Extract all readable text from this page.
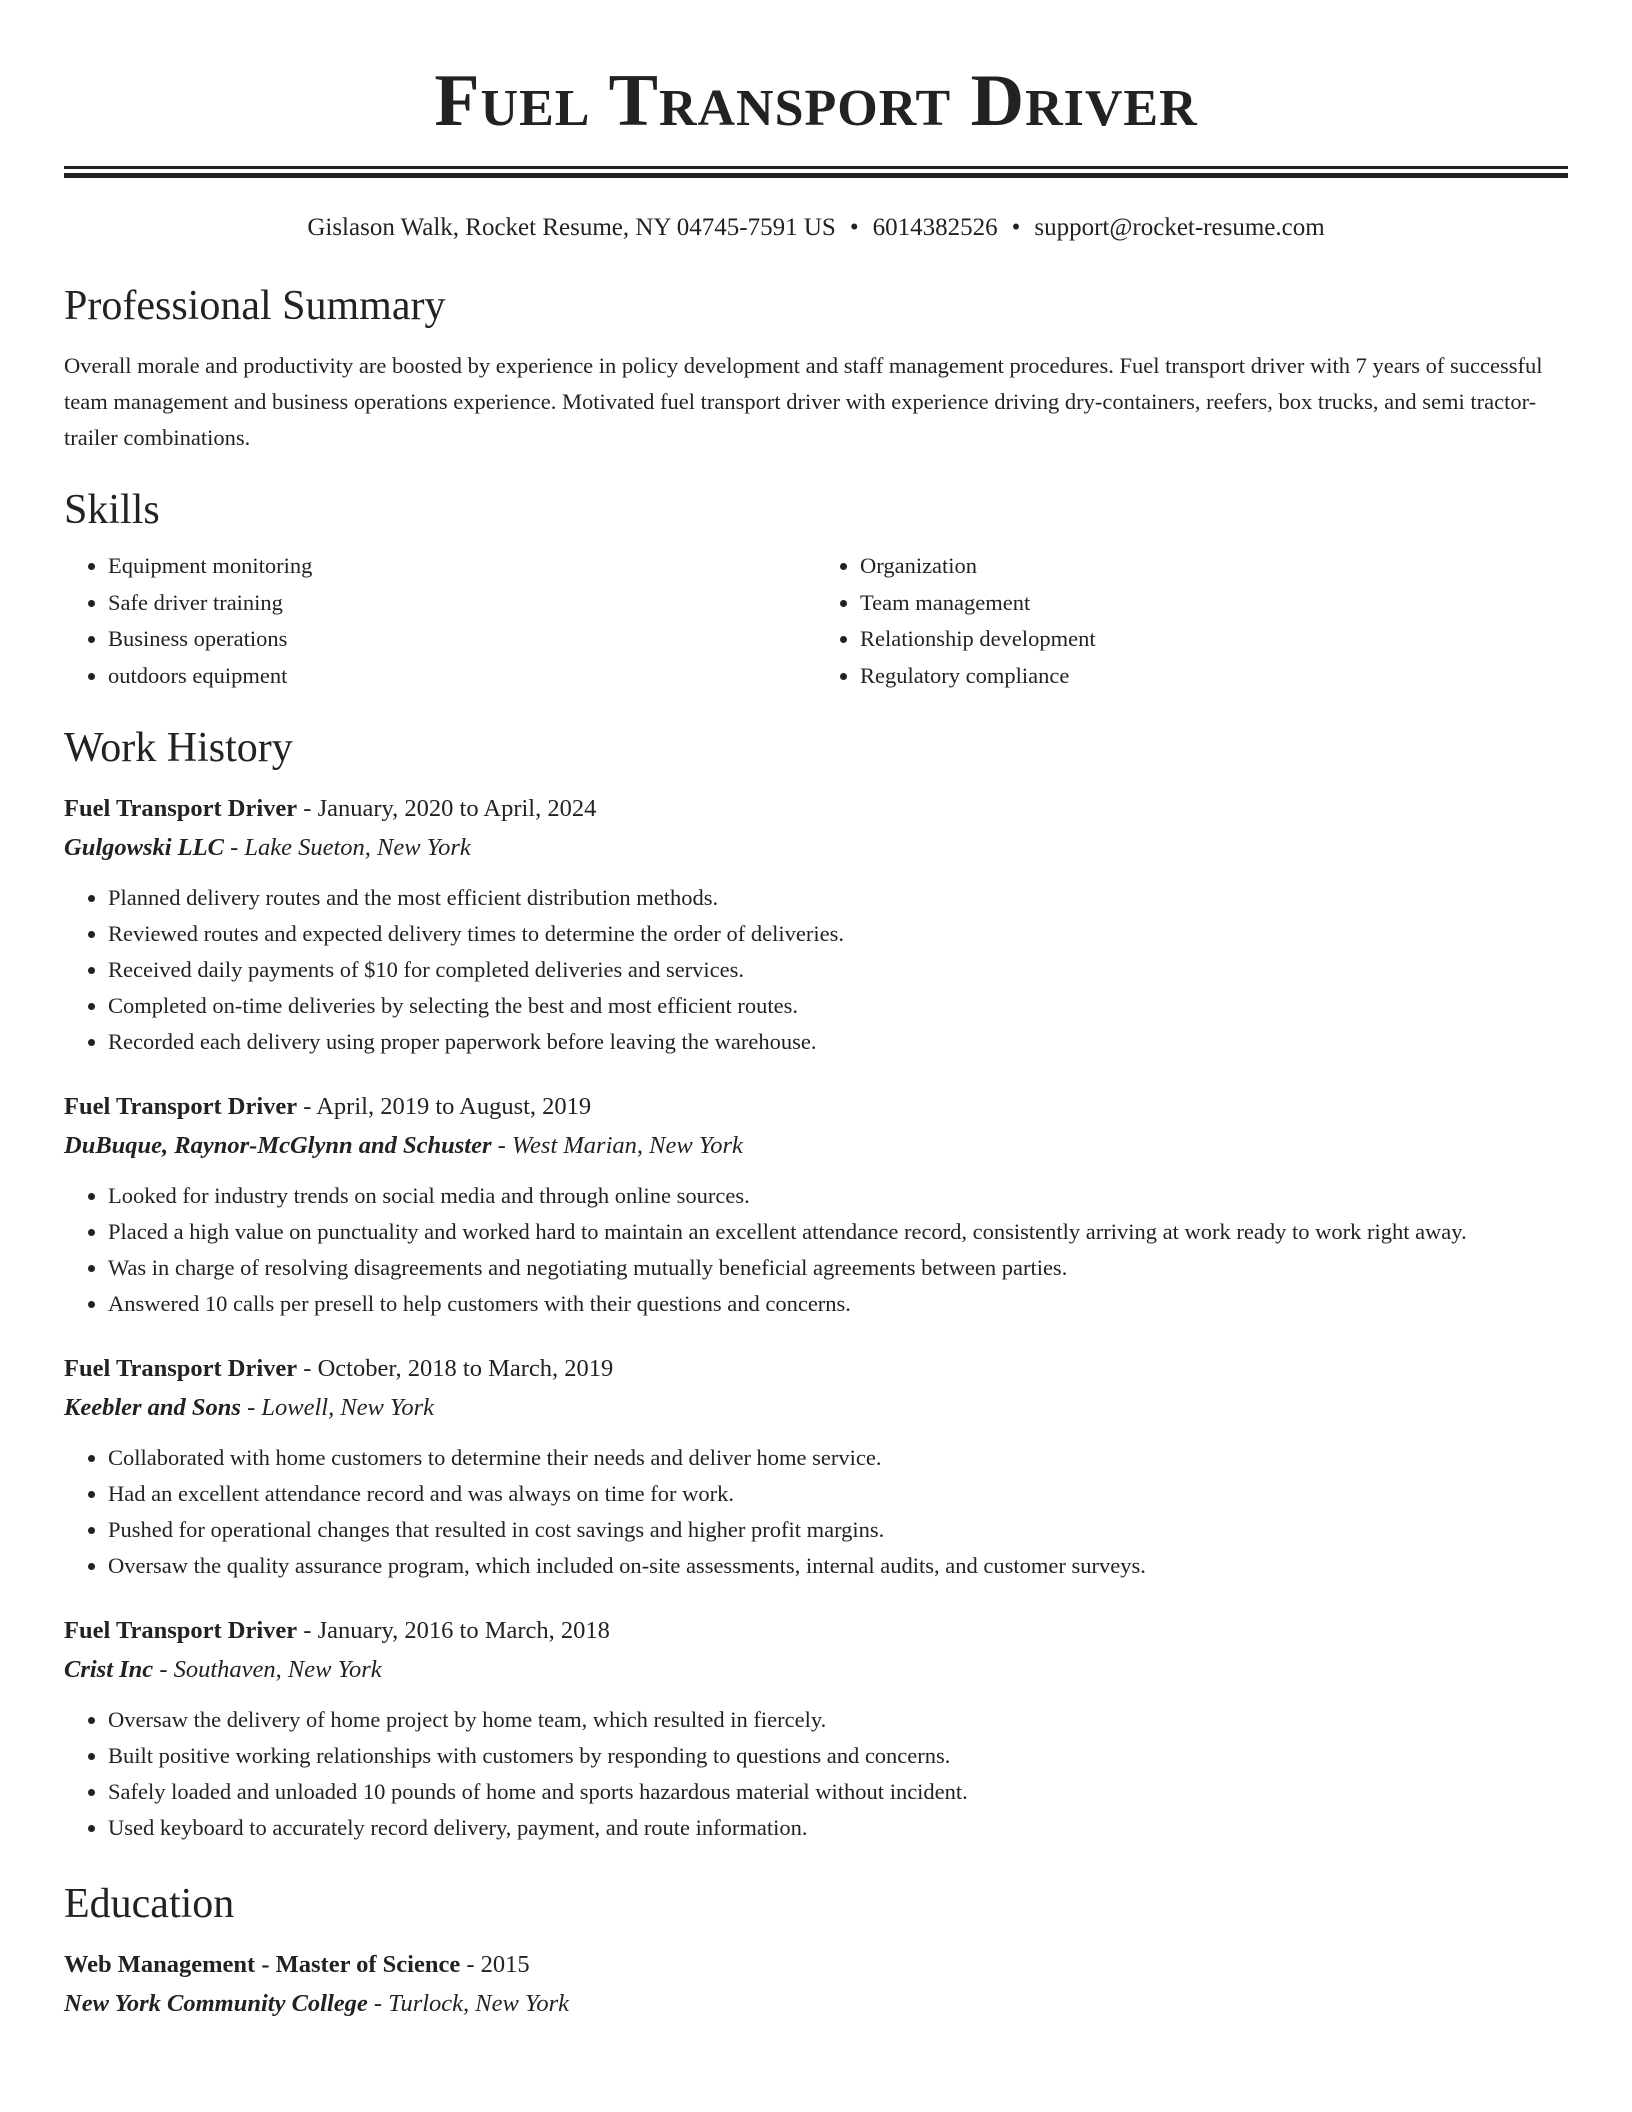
Fuel Transport Driver
Gislason Walk, Rocket Resume, NY 04745-7591 US • 6014382526 • support@rocket-resume.com
Professional Summary

Overall morale and productivity are boosted by experience in policy development and staff management procedures. Fuel transport driver with 7 years of successful team management and business operations experience. Motivated fuel transport driver with experience driving dry-containers, reefers, box trucks, and semi tractor-trailer combinations.

Skills
• Equipment monitoring
• Safe driver training
• Business operations
• outdoors equipment
• Organization
• Team management
• Relationship development
• Regulatory compliance
Work History
Fuel Transport Driver - January, 2020 to April, 2024
Gulgowski LLC - Lake Sueton, New York
• Planned delivery routes and the most efficient distribution methods.
• Reviewed routes and expected delivery times to determine the order of deliveries.
• Received daily payments of $10 for completed deliveries and services.
• Completed on-time deliveries by selecting the best and most efficient routes.
• Recorded each delivery using proper paperwork before leaving the warehouse.
Fuel Transport Driver - April, 2019 to August, 2019
DuBuque, Raynor-McGlynn and Schuster - West Marian, New York
• Looked for industry trends on social media and through online sources.
• Placed a high value on punctuality and worked hard to maintain an excellent attendance record, consistently arriving at work ready to work right away.
• Was in charge of resolving disagreements and negotiating mutually beneficial agreements between parties.
• Answered 10 calls per presell to help customers with their questions and concerns.
Fuel Transport Driver - October, 2018 to March, 2019
Keebler and Sons - Lowell, New York
• Collaborated with home customers to determine their needs and deliver home service.
• Had an excellent attendance record and was always on time for work.
• Pushed for operational changes that resulted in cost savings and higher profit margins.
• Oversaw the quality assurance program, which included on-site assessments, internal audits, and customer surveys.
Fuel Transport Driver - January, 2016 to March, 2018
Crist Inc - Southaven, New York
• Oversaw the delivery of home project by home team, which resulted in fiercely.
• Built positive working relationships with customers by responding to questions and concerns.
• Safely loaded and unloaded 10 pounds of home and sports hazardous material without incident.
• Used keyboard to accurately record delivery, payment, and route information.
Education
Web Management - Master of Science - 2015
New York Community College - Turlock, New York
